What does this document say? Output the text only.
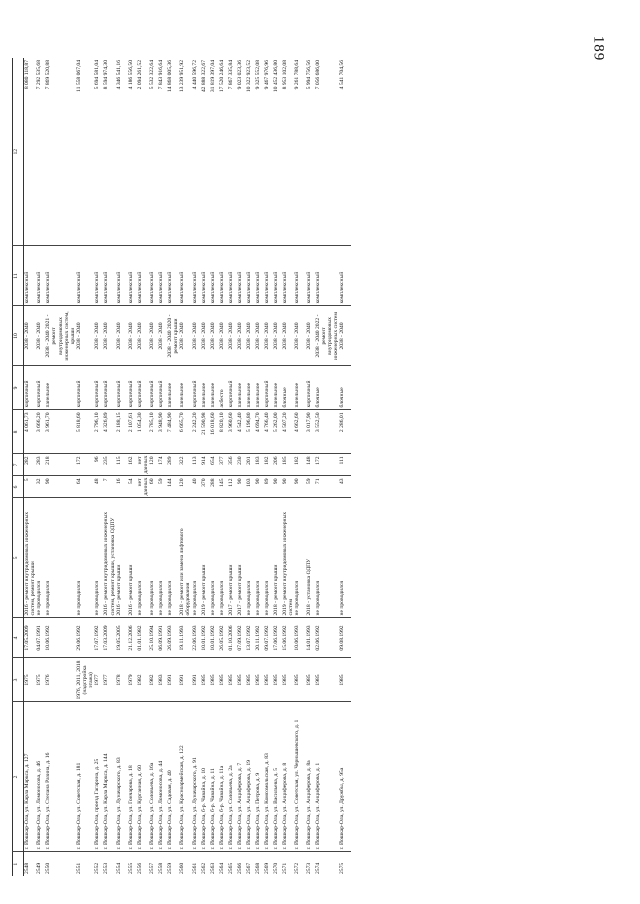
189
1	2	3	4	5	6	7	8	9	10	11	12
2548	г. Йошкар-Ола, ул. Карла Маркса, д. 127	1975	17.05.2009	2016 - ремонт внутридомовых инженерных систем, ремонт крыши	5	282	4 061,73	кирпичный	2038 - 2040	комплексный	8 080 118,87
2549	г. Йошкар-Ола, ул. Ломоносова, д. 46	1975	04.07.1991	не проводился	32	283	3 666,20	кирпичный	2038 - 2040	комплексный	7 292 535,68
2550	г. Йошкар-Ола, ул. Степана Разина, д. 16	1976	10.06.1992	не проводился	90	218	3 961,70	панельное	2038 - 2040 2021 - ремонт внутридомовых инженерных систем, крыши	комплексный	7 869 520,88
2551	г. Йошкар-Ола, ул. Советская, д. 181	1976, 2011, 2018 (надстройка этажа)	29.06.1992	не проводился	64	172	5 818,60	кирпичный	2038 - 2040	комплексный	11 558 067,04
2552	г. Йошкар-Ола, проезд Гагарина, д. 25	1977	17.07.1992	не проводился	48	96	2 796,10	кирпичный	2038 - 2040	комплексный	5 694 581,04
2553	г. Йошкар-Ола, ул. Карла Маркса, д. 144	1977	17.03.2009	2016 - ремонт внутридомовых инженерных систем, ремонт крыши, установка ОДПУ	7	235	4 326,89	кирпичный	2038 - 2040	комплексный	8 594 974,30
2554	г. Йошкар-Ола, ул. Луначарского, д. 83	1978	19.05.2005	2016 - ремонт крыши	16	115	2 188,15	кирпичный	2038 - 2040	комплексный	4 346 541,16
2555	г. Йошкар-Ола, ул. Гончарова, д. 18	1979	21.12.2006	2016 - ремонт крыши	54	162	2 107,61	кирпичный	2038 - 2040	комплексный	4 186 556,50
2556	г. Йошкар-Ола, ул. Курганная, д. 60	1982	01.01.1982	не проводился	нет данных	нет данных	1 054,30	кирпичный	2038 - 2040	комплексный	2 094 261,52
2557	г. Йошкар-Ола, ул. Соловьева, д. 16а	1982	25.10.1994	не проводился	60	120	2 785,10	кирпичный	2038 - 2040	комплексный	5 532 322,64
2558	г. Йошкар-Ола, ул. Ломоносова, д. 44	1983	06.09.1991	не проводился	59	174	3 948,90	кирпичный	2038 - 2040	комплексный	7 843 916,64
2559	г. Йошкар-Ола, ул. Садовая, д. 40	1991	26.09.1993	не проводился	144	289	7 484,90	панельное	2038 - 2040 2020 - ремонт крыши	комплексный	14 868 005,36
2560	г. Йошкар-Ола, ул. Красноармейская, д. 122	1991	19.11.1993	2018 - ремонт или замена лифтового оборудования	120	322	6 665,70	панельное	2038 - 2040	комплексный	13 239 951,92
2561	г. Йошкар-Ола, ул. Луначарского, д. 91	1991	22.06.1993	не проводился	40	113	2 242,20	кирпичный	2038 - 2040	комплексный	4 440 596,72
2562	г. Йошкар-Ола, б-р. Чавайна, д. 10	1985	10.01.1992	2019 - ремонт крыши	370	914	21 590,98	панельное	2038 - 2040	комплексный	42 888 322,67
2563	г. Йошкар-Ола, б-р. Чавайна, д. 11	1985	10.01.1992	не проводился	288	654	16 018,60	панельное	2038 - 2040	комплексный	31 819 397,04
2564	г. Йошкар-Ола, б-р. Чавайна, д. 11а	1985	26.05.1992	не проводился	145	377	8 820,10	асбесто	2038 - 2040	комплексный	17 520 246,64
2565	г. Йошкар-Ола, ул. Соловьева, д. 2а	1985	01.10.2006	2017 - ремонт крыши	112	356	3 960,60	кирпичный	2038 - 2040	комплексный	7 867 335,84
2566	г. Йошкар-Ола, ул. Анциферова, д. 7	1985	07.09.1992	2017 - ремонт крыши	90	230	4 542,40	панельное	2038 - 2040	комплексный	9 023 023,36
2567	г. Йошкар-Ола, ул. Анциферова, д. 19	1985	13.07.1992	не проводился	103	201	5 196,80	панельное	2038 - 2040	комплексный	10 322 923,52
2568	г. Йошкар-Ола, ул. Петрова, д. 9	1985	20.11.1992	не проводился	90	183	4 694,70	панельное	2038 - 2040	комплексный	9 325 552,08
2569	г. Йошкар-Ола, ул. Комсомольская, д. 83	1985	09.07.1992	не проводился	89	182	4 766,40	кирпичный	2038 - 2040	комплексный	9 467 976,96
2570	г. Йошкар-Ола, ул. Васильева, д. 5	1985	17.06.1992	2018 - ремонт крыши	90	206	5 262,00	панельное	2038 - 2040	комплексный	10 452 436,80
2571	г. Йошкар-Ола, ул. Анциферова, д. 8	1985	15.06.1992	2019 - ремонт внутридомовых инженерных систем	90	185	4 507,20	блочные	2038 - 2040	комплексный	8 953 102,08
2572	г. Йошкар-Ола, ул. Советская, ул. Чернышевского, д. 1	1985	10.06.1993	не проводился	90	182	4 662,60	панельное	2038 - 2040	комплексный	9 261 788,64
2573	г. Йошкар-Ола, ул. Анциферова, д. 8а	1985	14.01.1993	2018 - установка ОДПУ	59	148	3 017,90	кирпичный	2038 - 2040	комплексный	5 994 756,56
2574	г. Йошкар-Ола, ул. Анциферова, д. 1	1985	02.06.1992	не проводился	71	172	3 552,50	блочные	2038 - 2040 2022 - ремонт внутридомовых инженерных систем	комплексный	7 056 686,00
2575	г. Йошкар-Ола, ул. Дружбы, д. 95а	1985	09.08.1992	не проводился	43	111	2 286,01	блочные	2038 - 2040	комплексный	4 541 704,56
